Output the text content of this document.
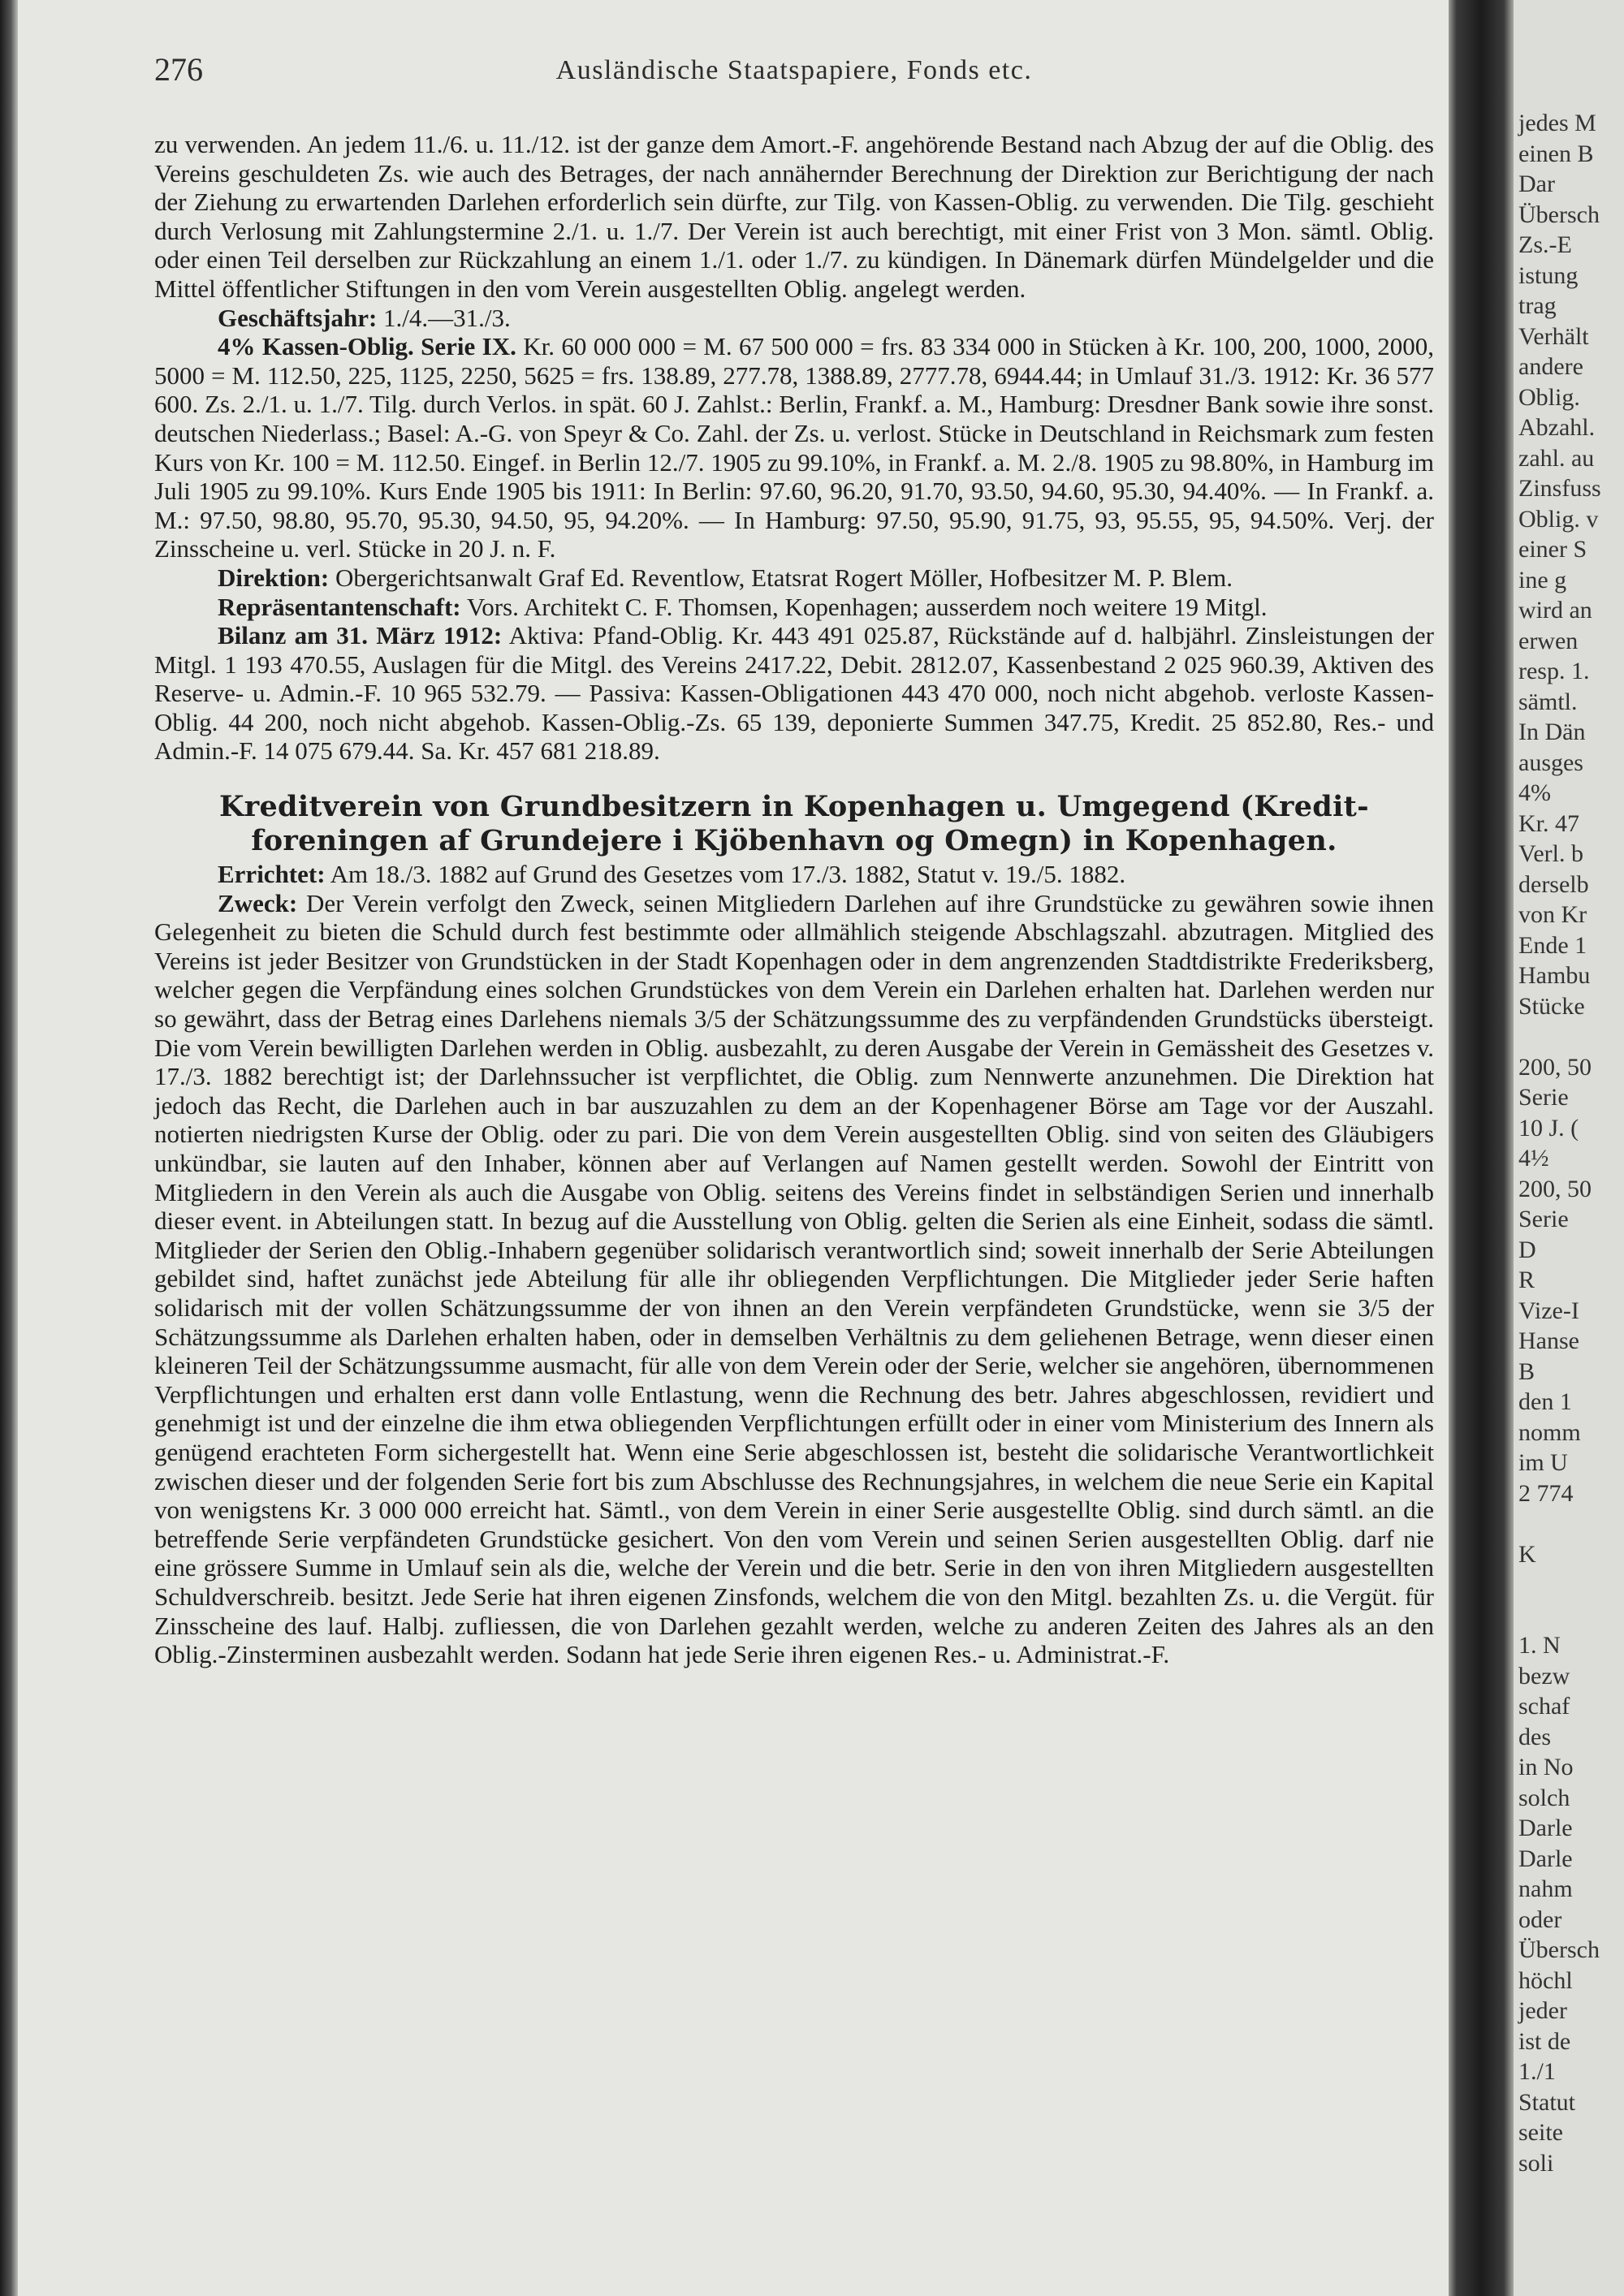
jedes M
einen B
Dar
Übersch
Zs.-E
istung
trag
Verhält
andere
Oblig.
Abzahl.
zahl. au
Zinsfuss
Oblig. v
einer S
ine g
wird an
erwen
resp. 1.
sämtl.
In Dän
ausges
4%
Kr. 47
Verl. b
derselb
von Kr
Ende 1
Hambu
Stücke

200, 50
Serie
10 J. (
4½
200, 50
Serie
D
R
Vize-I
Hanse
B
den 1
nomm
im U
2 774

K

1. N
bezw
schaf
des
in No
solch
Darle
Darle
nahm
oder
Übersch
höchl
jeder
ist de
1./1
Statut
seite
soli
276	Ausländische Staatspapiere, Fonds etc.

zu verwenden. An jedem 11./6. u. 11./12. ist der ganze dem Amort.-F. angehörende Bestand nach Abzug der auf die Oblig. des Vereins geschuldeten Zs. wie auch des Betrages, der nach annähernder Berechnung der Direktion zur Berichtigung der nach der Ziehung zu erwartenden Darlehen erforderlich sein dürfte, zur Tilg. von Kassen-Oblig. zu verwenden. Die Tilg. geschieht durch Verlosung mit Zahlungstermine 2./1. u. 1./7. Der Verein ist auch berechtigt, mit einer Frist von 3 Mon. sämtl. Oblig. oder einen Teil derselben zur Rückzahlung an einem 1./1. oder 1./7. zu kündigen. In Dänemark dürfen Mündelgelder und die Mittel öffentlicher Stiftungen in den vom Verein ausgestellten Oblig. angelegt werden.

Geschäftsjahr: 1./4.—31./3.

4% Kassen-Oblig. Serie IX. Kr. 60 000 000 = M. 67 500 000 = frs. 83 334 000 in Stücken à Kr. 100, 200, 1000, 2000, 5000 = M. 112.50, 225, 1125, 2250, 5625 = frs. 138.89, 277.78, 1388.89, 2777.78, 6944.44; in Umlauf 31./3. 1912: Kr. 36 577 600. Zs. 2./1. u. 1./7. Tilg. durch Verlos. in spät. 60 J. Zahlst.: Berlin, Frankf. a. M., Hamburg: Dresdner Bank sowie ihre sonst. deutschen Niederlass.; Basel: A.-G. von Speyr & Co. Zahl. der Zs. u. verlost. Stücke in Deutschland in Reichsmark zum festen Kurs von Kr. 100 = M. 112.50. Eingef. in Berlin 12./7. 1905 zu 99.10%, in Frankf. a. M. 2./8. 1905 zu 98.80%, in Hamburg im Juli 1905 zu 99.10%. Kurs Ende 1905 bis 1911: In Berlin: 97.60, 96.20, 91.70, 93.50, 94.60, 95.30, 94.40%. — In Frankf. a. M.: 97.50, 98.80, 95.70, 95.30, 94.50, 95, 94.20%. — In Hamburg: 97.50, 95.90, 91.75, 93, 95.55, 95, 94.50%. Verj. der Zinsscheine u. verl. Stücke in 20 J. n. F.

Direktion: Obergerichtsanwalt Graf Ed. Reventlow, Etatsrat Rogert Möller, Hofbesitzer M. P. Blem.

Repräsentantenschaft: Vors. Architekt C. F. Thomsen, Kopenhagen; ausserdem noch weitere 19 Mitgl.

Bilanz am 31. März 1912: Aktiva: Pfand-Oblig. Kr. 443 491 025.87, Rückstände auf d. halbjährl. Zinsleistungen der Mitgl. 1 193 470.55, Auslagen für die Mitgl. des Vereins 2417.22, Debit. 2812.07, Kassenbestand 2 025 960.39, Aktiven des Reserve- u. Admin.-F. 10 965 532.79. — Passiva: Kassen-Obligationen 443 470 000, noch nicht abgehob. verloste Kassen-Oblig. 44 200, noch nicht abgehob. Kassen-Oblig.-Zs. 65 139, deponierte Summen 347.75, Kredit. 25 852.80, Res.- und Admin.-F. 14 075 679.44. Sa. Kr. 457 681 218.89.

Kreditverein von Grundbesitzern in Kopenhagen u. Umgegend (Kredit-
foreningen af Grundejere i Kjöbenhavn og Omegn) in Kopenhagen.

Errichtet: Am 18./3. 1882 auf Grund des Gesetzes vom 17./3. 1882, Statut v. 19./5. 1882.

Zweck: Der Verein verfolgt den Zweck, seinen Mitgliedern Darlehen auf ihre Grundstücke zu gewähren sowie ihnen Gelegenheit zu bieten die Schuld durch fest bestimmte oder allmählich steigende Abschlagszahl. abzutragen. Mitglied des Vereins ist jeder Besitzer von Grundstücken in der Stadt Kopenhagen oder in dem angrenzenden Stadtdistrikte Frederiksberg, welcher gegen die Verpfändung eines solchen Grundstückes von dem Verein ein Darlehen erhalten hat. Darlehen werden nur so gewährt, dass der Betrag eines Darlehens niemals 3/5 der Schätzungssumme des zu verpfändenden Grundstücks übersteigt. Die vom Verein bewilligten Darlehen werden in Oblig. ausbezahlt, zu deren Ausgabe der Verein in Gemässheit des Gesetzes v. 17./3. 1882 berechtigt ist; der Darlehnssucher ist verpflichtet, die Oblig. zum Nennwerte anzunehmen. Die Direktion hat jedoch das Recht, die Darlehen auch in bar auszuzahlen zu dem an der Kopenhagener Börse am Tage vor der Auszahl. notierten niedrigsten Kurse der Oblig. oder zu pari. Die von dem Verein ausgestellten Oblig. sind von seiten des Gläubigers unkündbar, sie lauten auf den Inhaber, können aber auf Verlangen auf Namen gestellt werden. Sowohl der Eintritt von Mitgliedern in den Verein als auch die Ausgabe von Oblig. seitens des Vereins findet in selbständigen Serien und innerhalb dieser event. in Abteilungen statt. In bezug auf die Ausstellung von Oblig. gelten die Serien als eine Einheit, sodass die sämtl. Mitglieder der Serien den Oblig.-Inhabern gegenüber solidarisch verantwortlich sind; soweit innerhalb der Serie Abteilungen gebildet sind, haftet zunächst jede Abteilung für alle ihr obliegenden Verpflichtungen. Die Mitglieder jeder Serie haften solidarisch mit der vollen Schätzungssumme der von ihnen an den Verein verpfändeten Grundstücke, wenn sie 3/5 der Schätzungssumme als Darlehen erhalten haben, oder in demselben Verhältnis zu dem geliehenen Betrage, wenn dieser einen kleineren Teil der Schätzungssumme ausmacht, für alle von dem Verein oder der Serie, welcher sie angehören, übernommenen Verpflichtungen und erhalten erst dann volle Entlastung, wenn die Rechnung des betr. Jahres abgeschlossen, revidiert und genehmigt ist und der einzelne die ihm etwa obliegenden Verpflichtungen erfüllt oder in einer vom Ministerium des Innern als genügend erachteten Form sichergestellt hat. Wenn eine Serie abgeschlossen ist, besteht die solidarische Verantwortlichkeit zwischen dieser und der folgenden Serie fort bis zum Abschlusse des Rechnungsjahres, in welchem die neue Serie ein Kapital von wenigstens Kr. 3 000 000 erreicht hat. Sämtl., von dem Verein in einer Serie ausgestellte Oblig. sind durch sämtl. an die betreffende Serie verpfändeten Grundstücke gesichert. Von den vom Verein und seinen Serien ausgestellten Oblig. darf nie eine grössere Summe in Umlauf sein als die, welche der Verein und die betr. Serie in den von ihren Mitgliedern ausgestellten Schuldverschreib. besitzt. Jede Serie hat ihren eigenen Zinsfonds, welchem die von den Mitgl. bezahlten Zs. u. die Vergüt. für Zinsscheine des lauf. Halbj. zufliessen, die von Darlehen gezahlt werden, welche zu anderen Zeiten des Jahres als an den Oblig.-Zinsterminen ausbezahlt werden. Sodann hat jede Serie ihren eigenen Res.- u. Administrat.-F.
